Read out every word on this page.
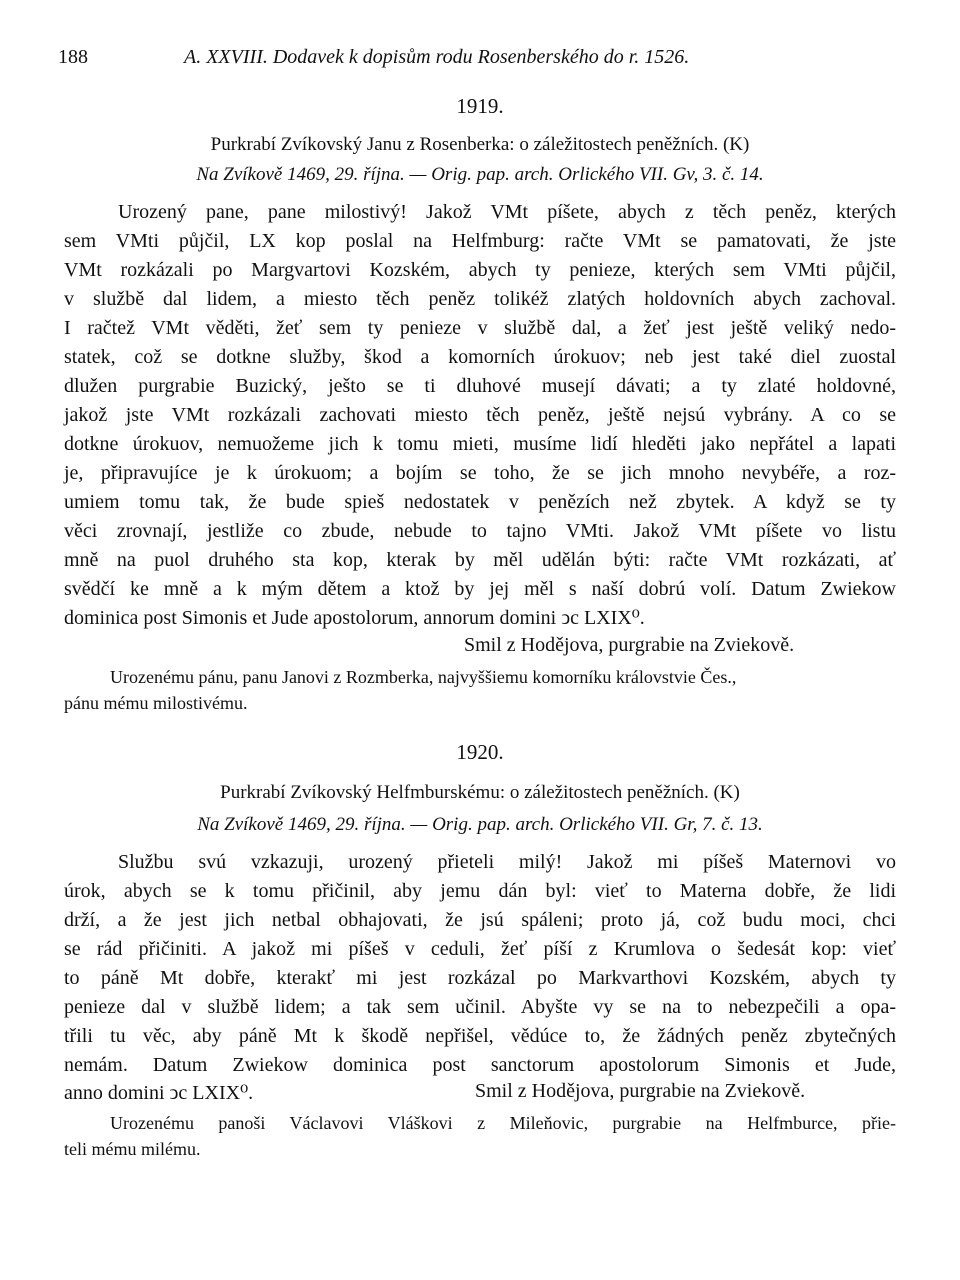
188	A. XXVIII. Dodavek k dopisům rodu Rosenberského do r. 1526.
1919.
Purkrabí Zvíkovský Janu z Rosenberka: o záležitostech peněžních. (K)
Na Zvíkově 1469, 29. října. — Orig. pap. arch. Orlického VII. Gv, 3. č. 14.
Urozený pane, pane milostivý! Jakož VMt píšete, abych z těch peněz, kterých
sem VMti půjčil, LX kop poslal na Helfmburg: račte VMt se pamatovati, že jste
VMt rozkázali po Margvartovi Kozském, abych ty penieze, kterých sem VMti půjčil,
v službě dal lidem, a miesto těch peněz tolikéž zlatých holdovních abych zachoval.
I račtež VMt věděti, žeť sem ty penieze v službě dal, a žeť jest ještě veliký nedo-
statek, což se dotkne služby, škod a komorních úrokuov; neb jest také diel zuostal
dlužen purgrabie Buzický, ješto se ti dluhové musejí dávati; a ty zlaté holdovné,
jakož jste VMt rozkázali zachovati miesto těch peněz, ještě nejsú vybrány. A co se
dotkne úrokuov, nemuožeme jich k tomu mieti, musíme lidí hleděti jako nepřátel a lapati
je, připravujíce je k úrokuom; a bojím se toho, že se jich mnoho nevybéře, a roz-
umiem tomu tak, že bude spieš nedostatek v penězích než zbytek. A když se ty
věci zrovnají, jestliže co zbude, nebude to tajno VMti. Jakož VMt píšete vo listu
mně na puol druhého sta kop, kterak by měl udělán býti: račte VMt rozkázati, ať
svědčí ke mně a k mým dětem a ktož by jej měl s naší dobrú volí. Datum Zwiekow
dominica post Simonis et Jude apostolorum, annorum domini ↄc LXIX⁰.
Smil z Hodějova, purgrabie na Zviekově.
Urozenému pánu, panu Janovi z Rozmberka, najvyššiemu komorníku královstvie Čes.,
pánu mému milostivému.
1920.
Purkrabí Zvíkovský Helfmburskému: o záležitostech peněžních. (K)
Na Zvíkově 1469, 29. října. — Orig. pap. arch. Orlického VII. Gr, 7. č. 13.
Službu svú vzkazuji, urozený přieteli milý! Jakož mi píšeš Maternovi vo
úrok, abych se k tomu přičinil, aby jemu dán byl: vieť to Materna dobře, že lidi
drží, a že jest jich netbal obhajovati, že jsú spáleni; proto já, což budu moci, chci
se rád přičiniti. A jakož mi píšeš v ceduli, žeť píší z Krumlova o šedesát kop: vieť
to páně Mt dobře, kterakť mi jest rozkázal po Markvarthovi Kozském, abych ty
penieze dal v službě lidem; a tak sem učinil. Abyšte vy se na to nebezpečili a opa-
třili tu věc, aby páně Mt k škodě nepřišel, vědúce to, že žádných peněz zbytečných
nemám. Datum Zwiekow dominica post sanctorum apostolorum Simonis et Jude,
anno domini ↄc LXIX⁰.	Smil z Hodějova, purgrabie na Zviekově.
Urozenému panoši Václavovi Vláškovi z Mileňovic, purgrabie na Helfmburce, přie-
teli mému milému.
